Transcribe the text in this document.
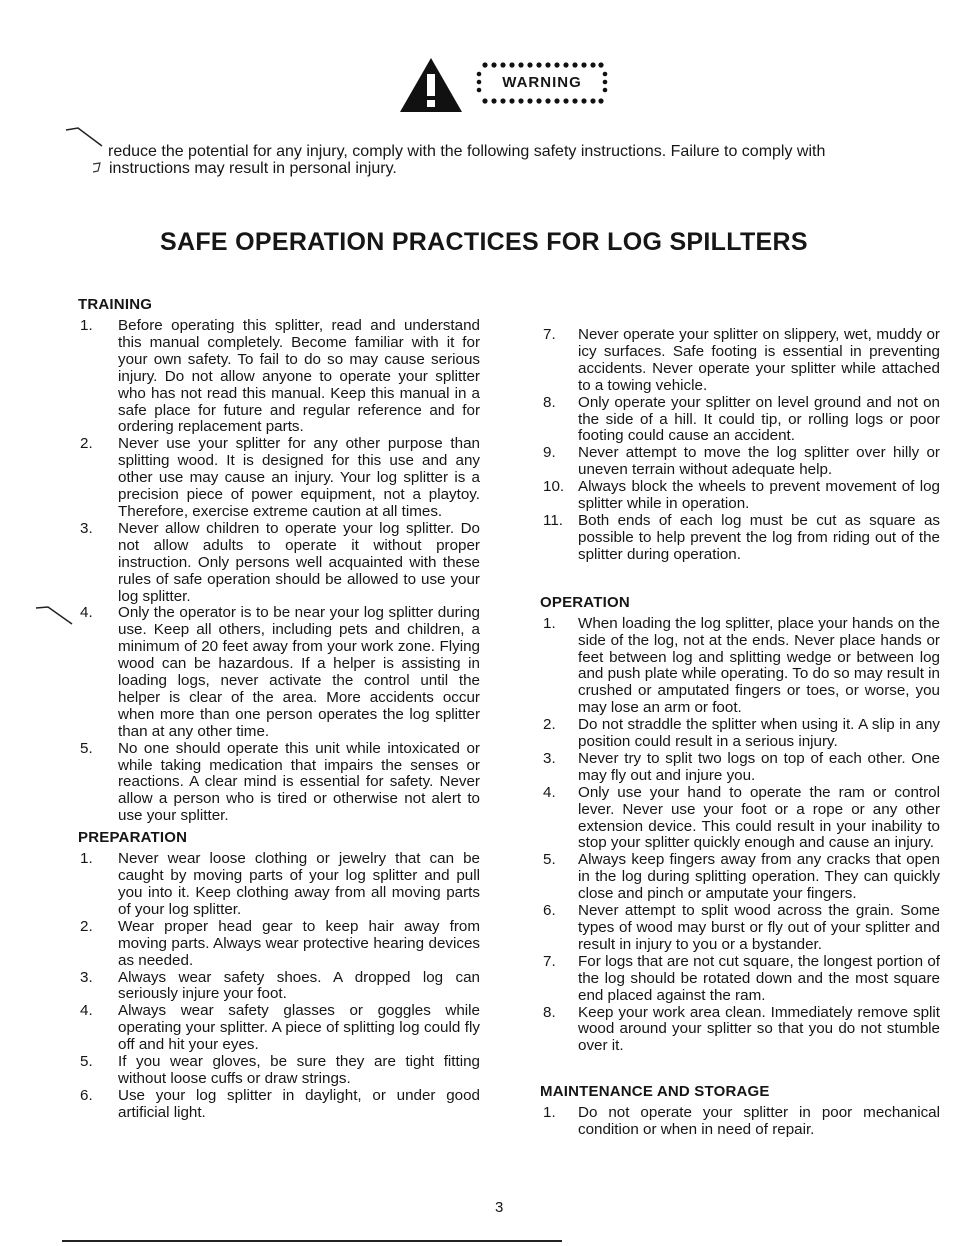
WARNING
reduce the potential for any injury, comply with the following safety instructions. Failure to comply with
instructions may result in personal injury.
SAFE OPERATION PRACTICES FOR LOG SPILLTERS
TRAINING
1. Before operating this splitter, read and understand this manual completely. Become familiar with it for your own safety. To fail to do so may cause serious injury. Do not allow anyone to operate your splitter who has not read this manual. Keep this manual in a safe place for future and regular reference and for ordering replacement parts.
2. Never use your splitter for any other purpose than splitting wood. It is designed for this use and any other use may cause an injury. Your log splitter is a precision piece of power equipment, not a playtoy. Therefore, exercise extreme caution at all times.
3. Never allow children to operate your log splitter. Do not allow adults to operate it without proper instruction. Only persons well acquainted with these rules of safe operation should be allowed to use your log splitter.
4. Only the operator is to be near your log splitter during use. Keep all others, including pets and children, a minimum of 20 feet away from your work zone. Flying wood can be hazardous. If a helper is assisting in loading logs, never activate the control until the helper is clear of the area. More accidents occur when more than one person operates the log splitter than at any other time.
5. No one should operate this unit while intoxicated or while taking medication that impairs the senses or reactions. A clear mind is essential for safety. Never allow a person who is tired or otherwise not alert to use your splitter.
PREPARATION
1. Never wear loose clothing or jewelry that can be caught by moving parts of your log splitter and pull you into it. Keep clothing away from all moving parts of your log splitter.
2. Wear proper head gear to keep hair away from moving parts. Always wear protective hearing devices as needed.
3. Always wear safety shoes. A dropped log can seriously injure your foot.
4. Always wear safety glasses or goggles while operating your splitter. A piece of splitting log could fly off and hit your eyes.
5. If you wear gloves, be sure they are tight fitting without loose cuffs or draw strings.
6. Use your log splitter in daylight, or under good artificial light.
7. Never operate your splitter on slippery, wet, muddy or icy surfaces. Safe footing is essential in preventing accidents. Never operate your splitter while attached to a towing vehicle.
8. Only operate your splitter on level ground and not on the side of a hill. It could tip, or rolling logs or poor footing could cause an accident.
9. Never attempt to move the log splitter over hilly or uneven terrain without adequate help.
10. Always block the wheels to prevent movement of log splitter while in operation.
11. Both ends of each log must be cut as square as possible to help prevent the log from riding out of the splitter during operation.
OPERATION
1. When loading the log splitter, place your hands on the side of the log, not at the ends. Never place hands or feet between log and splitting wedge or between log and push plate while operating. To do so may result in crushed or amputated fingers or toes, or worse, you may lose an arm or foot.
2. Do not straddle the splitter when using it. A slip in any position could result in a serious injury.
3. Never try to split two logs on top of each other. One may fly out and injure you.
4. Only use your hand to operate the ram or control lever. Never use your foot or a rope or any other extension device. This could result in your inability to stop your splitter quickly enough and cause an injury.
5. Always keep fingers away from any cracks that open in the log during splitting operation. They can quickly close and pinch or amputate your fingers.
6. Never attempt to split wood across the grain. Some types of wood may burst or fly out of your splitter and result in injury to you or a bystander.
7. For logs that are not cut square, the longest portion of the log should be rotated down and the most square end placed against the ram.
8. Keep your work area clean. Immediately remove split wood around your splitter so that you do not stumble over it.
MAINTENANCE AND STORAGE
1. Do not operate your splitter in poor mechanical condition or when in need of repair.
3
